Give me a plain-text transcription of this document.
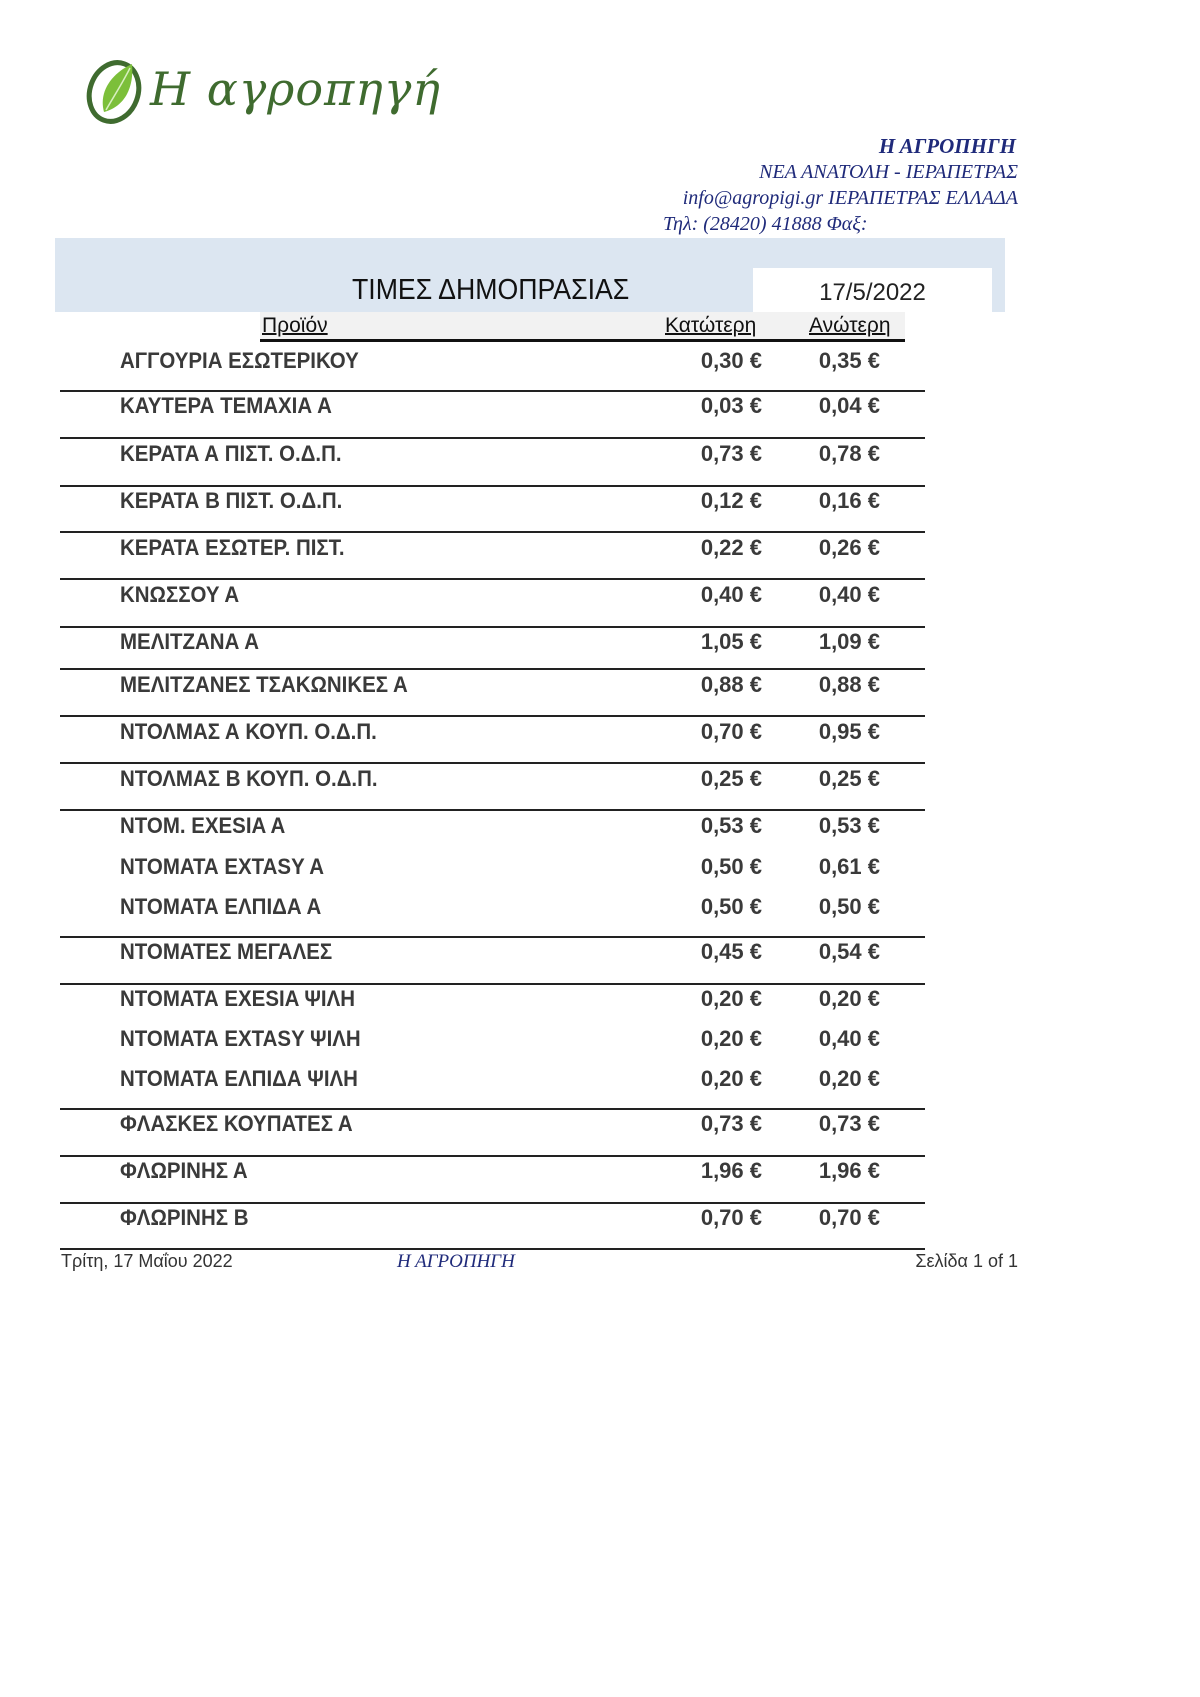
Η αγροπηγή
Η ΑΓΡΟΠΗΓΗ
ΝΕΑ ΑΝΑΤΟΛΗ - ΙΕΡΑΠΕΤΡΑΣ
info@agropigi.gr ΙΕΡΑΠΕΤΡΑΣ ΕΛΛΑΔΑ
Τηλ: (28420) 41888 Φαξ:
ΤΙΜΕΣ ΔΗΜΟΠΡΑΣΙΑΣ	17/5/2022
Προϊόν	Κατώτερη	Ανώτερη
ΑΓΓΟΥΡΙΑ ΕΣΩΤΕΡΙΚΟΥ	0,30 €	0,35 €
ΚΑΥΤΕΡΑ ΤΕΜΑΧΙΑ Α	0,03 €	0,04 €
ΚΕΡΑΤΑ Α ΠΙΣΤ. Ο.Δ.Π.	0,73 €	0,78 €
ΚΕΡΑΤΑ Β ΠΙΣΤ. Ο.Δ.Π.	0,12 €	0,16 €
ΚΕΡΑΤΑ ΕΣΩΤΕΡ. ΠΙΣΤ.	0,22 €	0,26 €
ΚΝΩΣΣΟΥ Α	0,40 €	0,40 €
ΜΕΛΙΤΖΑΝΑ Α	1,05 €	1,09 €
ΜΕΛΙΤΖΑΝΕΣ ΤΣΑΚΩΝΙΚΕΣ Α	0,88 €	0,88 €
ΝΤΟΛΜΑΣ Α ΚΟΥΠ. Ο.Δ.Π.	0,70 €	0,95 €
ΝΤΟΛΜΑΣ Β ΚΟΥΠ. Ο.Δ.Π.	0,25 €	0,25 €
ΝΤΟΜ. EXESIA A	0,53 €	0,53 €
ΝΤΟΜΑΤΑ EXTASY A	0,50 €	0,61 €
ΝΤΟΜΑΤΑ ΕΛΠΙΔΑ Α	0,50 €	0,50 €
ΝΤΟΜΑΤΕΣ ΜΕΓΑΛΕΣ	0,45 €	0,54 €
ΝΤΟΜΑΤΑ EXESIA ΨΙΛΗ	0,20 €	0,20 €
ΝΤΟΜΑΤΑ EXTASY ΨΙΛΗ	0,20 €	0,40 €
ΝΤΟΜΑΤΑ ΕΛΠΙΔΑ ΨΙΛΗ	0,20 €	0,20 €
ΦΛΑΣΚΕΣ ΚΟΥΠΑΤΕΣ Α	0,73 €	0,73 €
ΦΛΩΡΙΝΗΣ Α	1,96 €	1,96 €
ΦΛΩΡΙΝΗΣ Β	0,70 €	0,70 €
Τρίτη, 17 Μαΐου 2022	Η ΑΓΡΟΠΗΓΗ	Σελίδα 1 of 1
